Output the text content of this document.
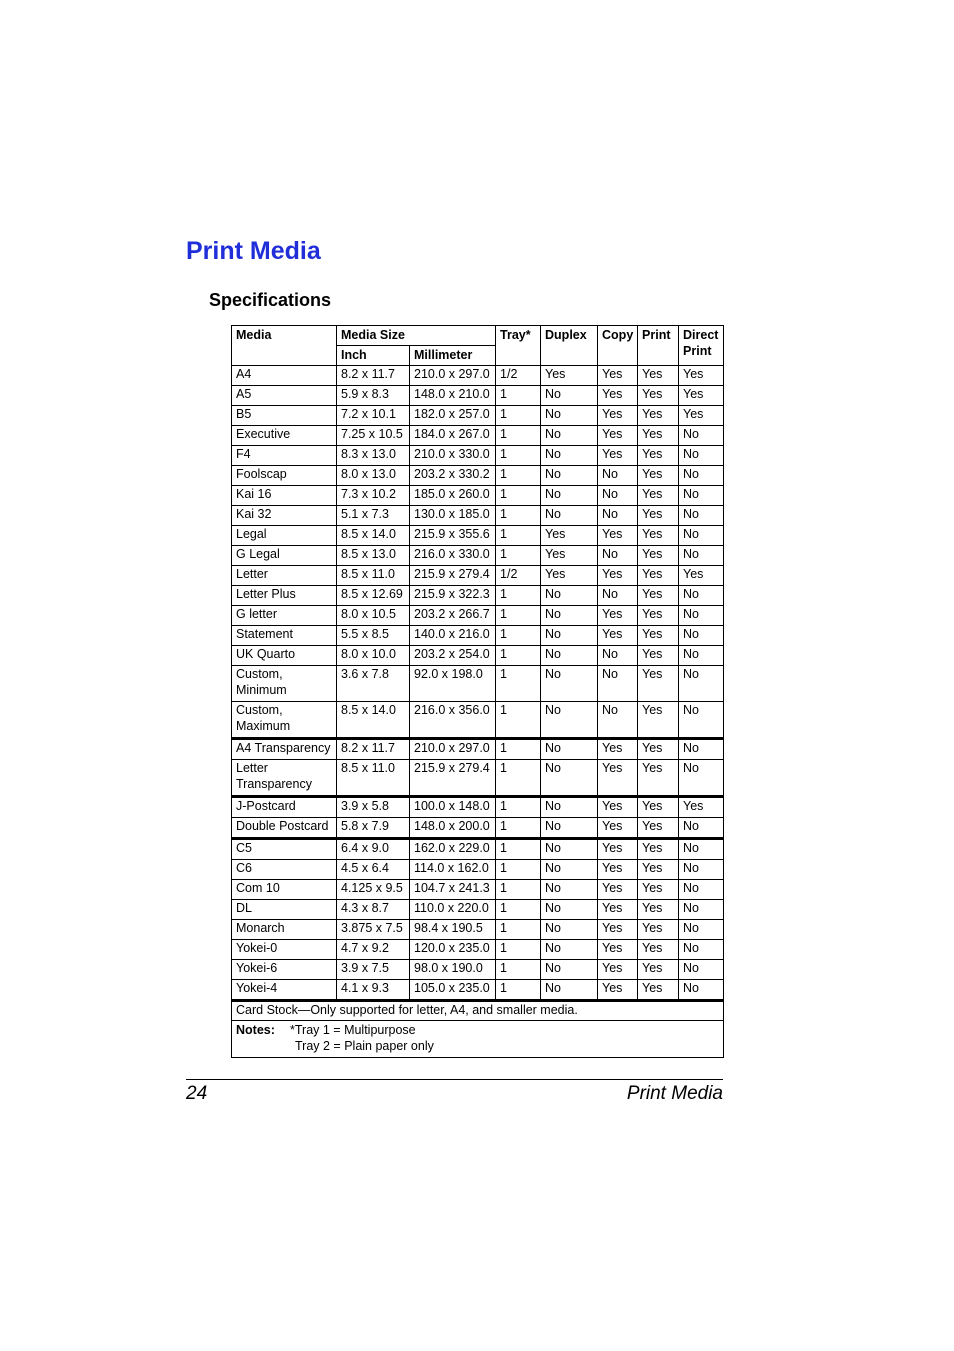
Print Media
Specifications
Media	Media Size		Tray*	Duplex	Copy	Print	Direct Print
	Inch	Millimeter					
A4	8.2 x 11.7	210.0 x 297.0	1/2	Yes	Yes	Yes	Yes
A5	5.9 x 8.3	148.0 x 210.0	1	No	Yes	Yes	Yes
B5	7.2 x 10.1	182.0 x 257.0	1	No	Yes	Yes	Yes
Executive	7.25 x 10.5	184.0 x 267.0	1	No	Yes	Yes	No
F4	8.3 x 13.0	210.0 x 330.0	1	No	Yes	Yes	No
Foolscap	8.0 x 13.0	203.2 x 330.2	1	No	No	Yes	No
Kai 16	7.3 x 10.2	185.0 x 260.0	1	No	No	Yes	No
Kai 32	5.1 x 7.3	130.0 x 185.0	1	No	No	Yes	No
Legal	8.5 x 14.0	215.9 x 355.6	1	Yes	Yes	Yes	No
G Legal	8.5 x 13.0	216.0 x 330.0	1	Yes	No	Yes	No
Letter	8.5 x 11.0	215.9 x 279.4	1/2	Yes	Yes	Yes	Yes
Letter Plus	8.5 x 12.69	215.9 x 322.3	1	No	No	Yes	No
G letter	8.0 x 10.5	203.2 x 266.7	1	No	Yes	Yes	No
Statement	5.5 x 8.5	140.0 x 216.0	1	No	Yes	Yes	No
UK Quarto	8.0 x 10.0	203.2 x 254.0	1	No	No	Yes	No
Custom, Minimum	3.6 x 7.8	92.0 x 198.0	1	No	No	Yes	No
Custom, Maximum	8.5 x 14.0	216.0 x 356.0	1	No	No	Yes	No
A4 Transparency	8.2 x 11.7	210.0 x 297.0	1	No	Yes	Yes	No
Letter Transparency	8.5 x 11.0	215.9 x 279.4	1	No	Yes	Yes	No
J-Postcard	3.9 x 5.8	100.0 x 148.0	1	No	Yes	Yes	Yes
Double Postcard	5.8 x 7.9	148.0 x 200.0	1	No	Yes	Yes	No
C5	6.4 x 9.0	162.0 x 229.0	1	No	Yes	Yes	No
C6	4.5 x 6.4	114.0 x 162.0	1	No	Yes	Yes	No
Com 10	4.125 x 9.5	104.7 x 241.3	1	No	Yes	Yes	No
DL	4.3 x 8.7	110.0 x 220.0	1	No	Yes	Yes	No
Monarch	3.875 x 7.5	98.4 x 190.5	1	No	Yes	Yes	No
Yokei-0	4.7 x 9.2	120.0 x 235.0	1	No	Yes	Yes	No
Yokei-6	3.9 x 7.5	98.0 x 190.0	1	No	Yes	Yes	No
Yokei-4	4.1 x 9.3	105.0 x 235.0	1	No	Yes	Yes	No
Card Stock—Only supported for letter, A4, and smaller media.							

Notes: *Tray 1 = Multipurpose
Tray 2 = Plain paper only							
24	Print Media
